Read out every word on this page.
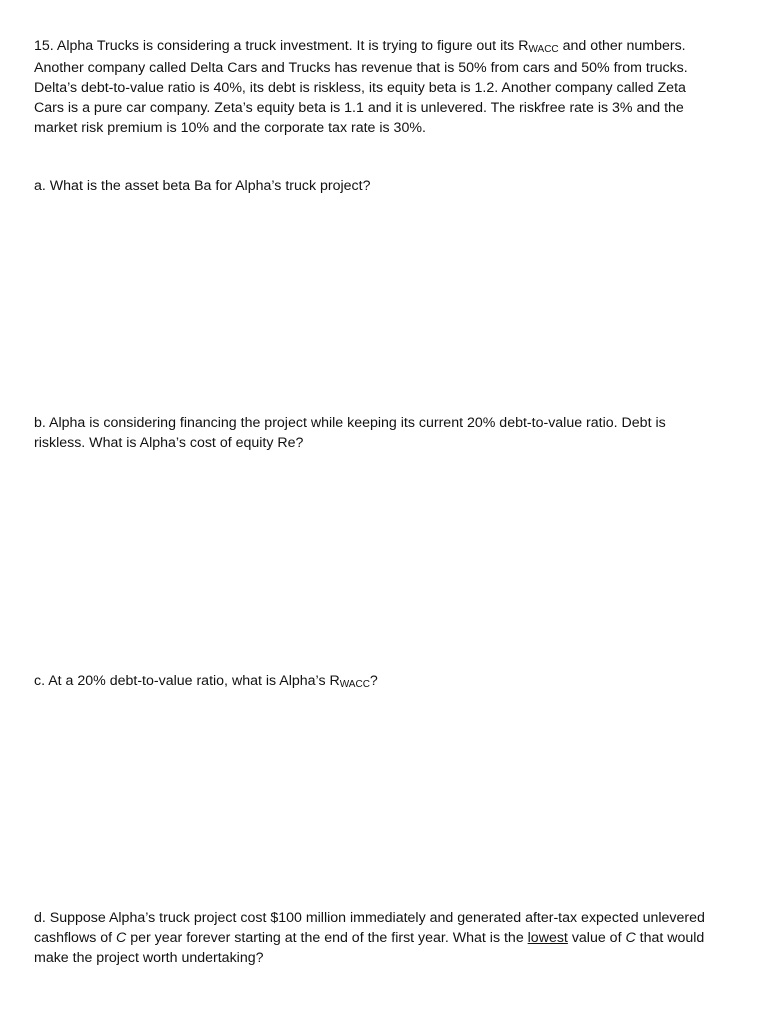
15. Alpha Trucks is considering a truck investment. It is trying to figure out its RWACC and other numbers. Another company called Delta Cars and Trucks has revenue that is 50% from cars and 50% from trucks. Delta’s debt-to-value ratio is 40%, its debt is riskless, its equity beta is 1.2. Another company called Zeta Cars is a pure car company. Zeta’s equity beta is 1.1 and it is unlevered. The riskfree rate is 3% and the market risk premium is 10% and the corporate tax rate is 30%.

a. What is the asset beta Ba for Alpha’s truck project?

b. Alpha is considering financing the project while keeping its current 20% debt-to-value ratio. Debt is riskless. What is Alpha’s cost of equity Re?

c. At a 20% debt-to-value ratio, what is Alpha’s RWACC?

d. Suppose Alpha’s truck project cost $100 million immediately and generated after-tax expected unlevered cashflows of C per year forever starting at the end of the first year. What is the lowest value of C that would make the project worth undertaking?
